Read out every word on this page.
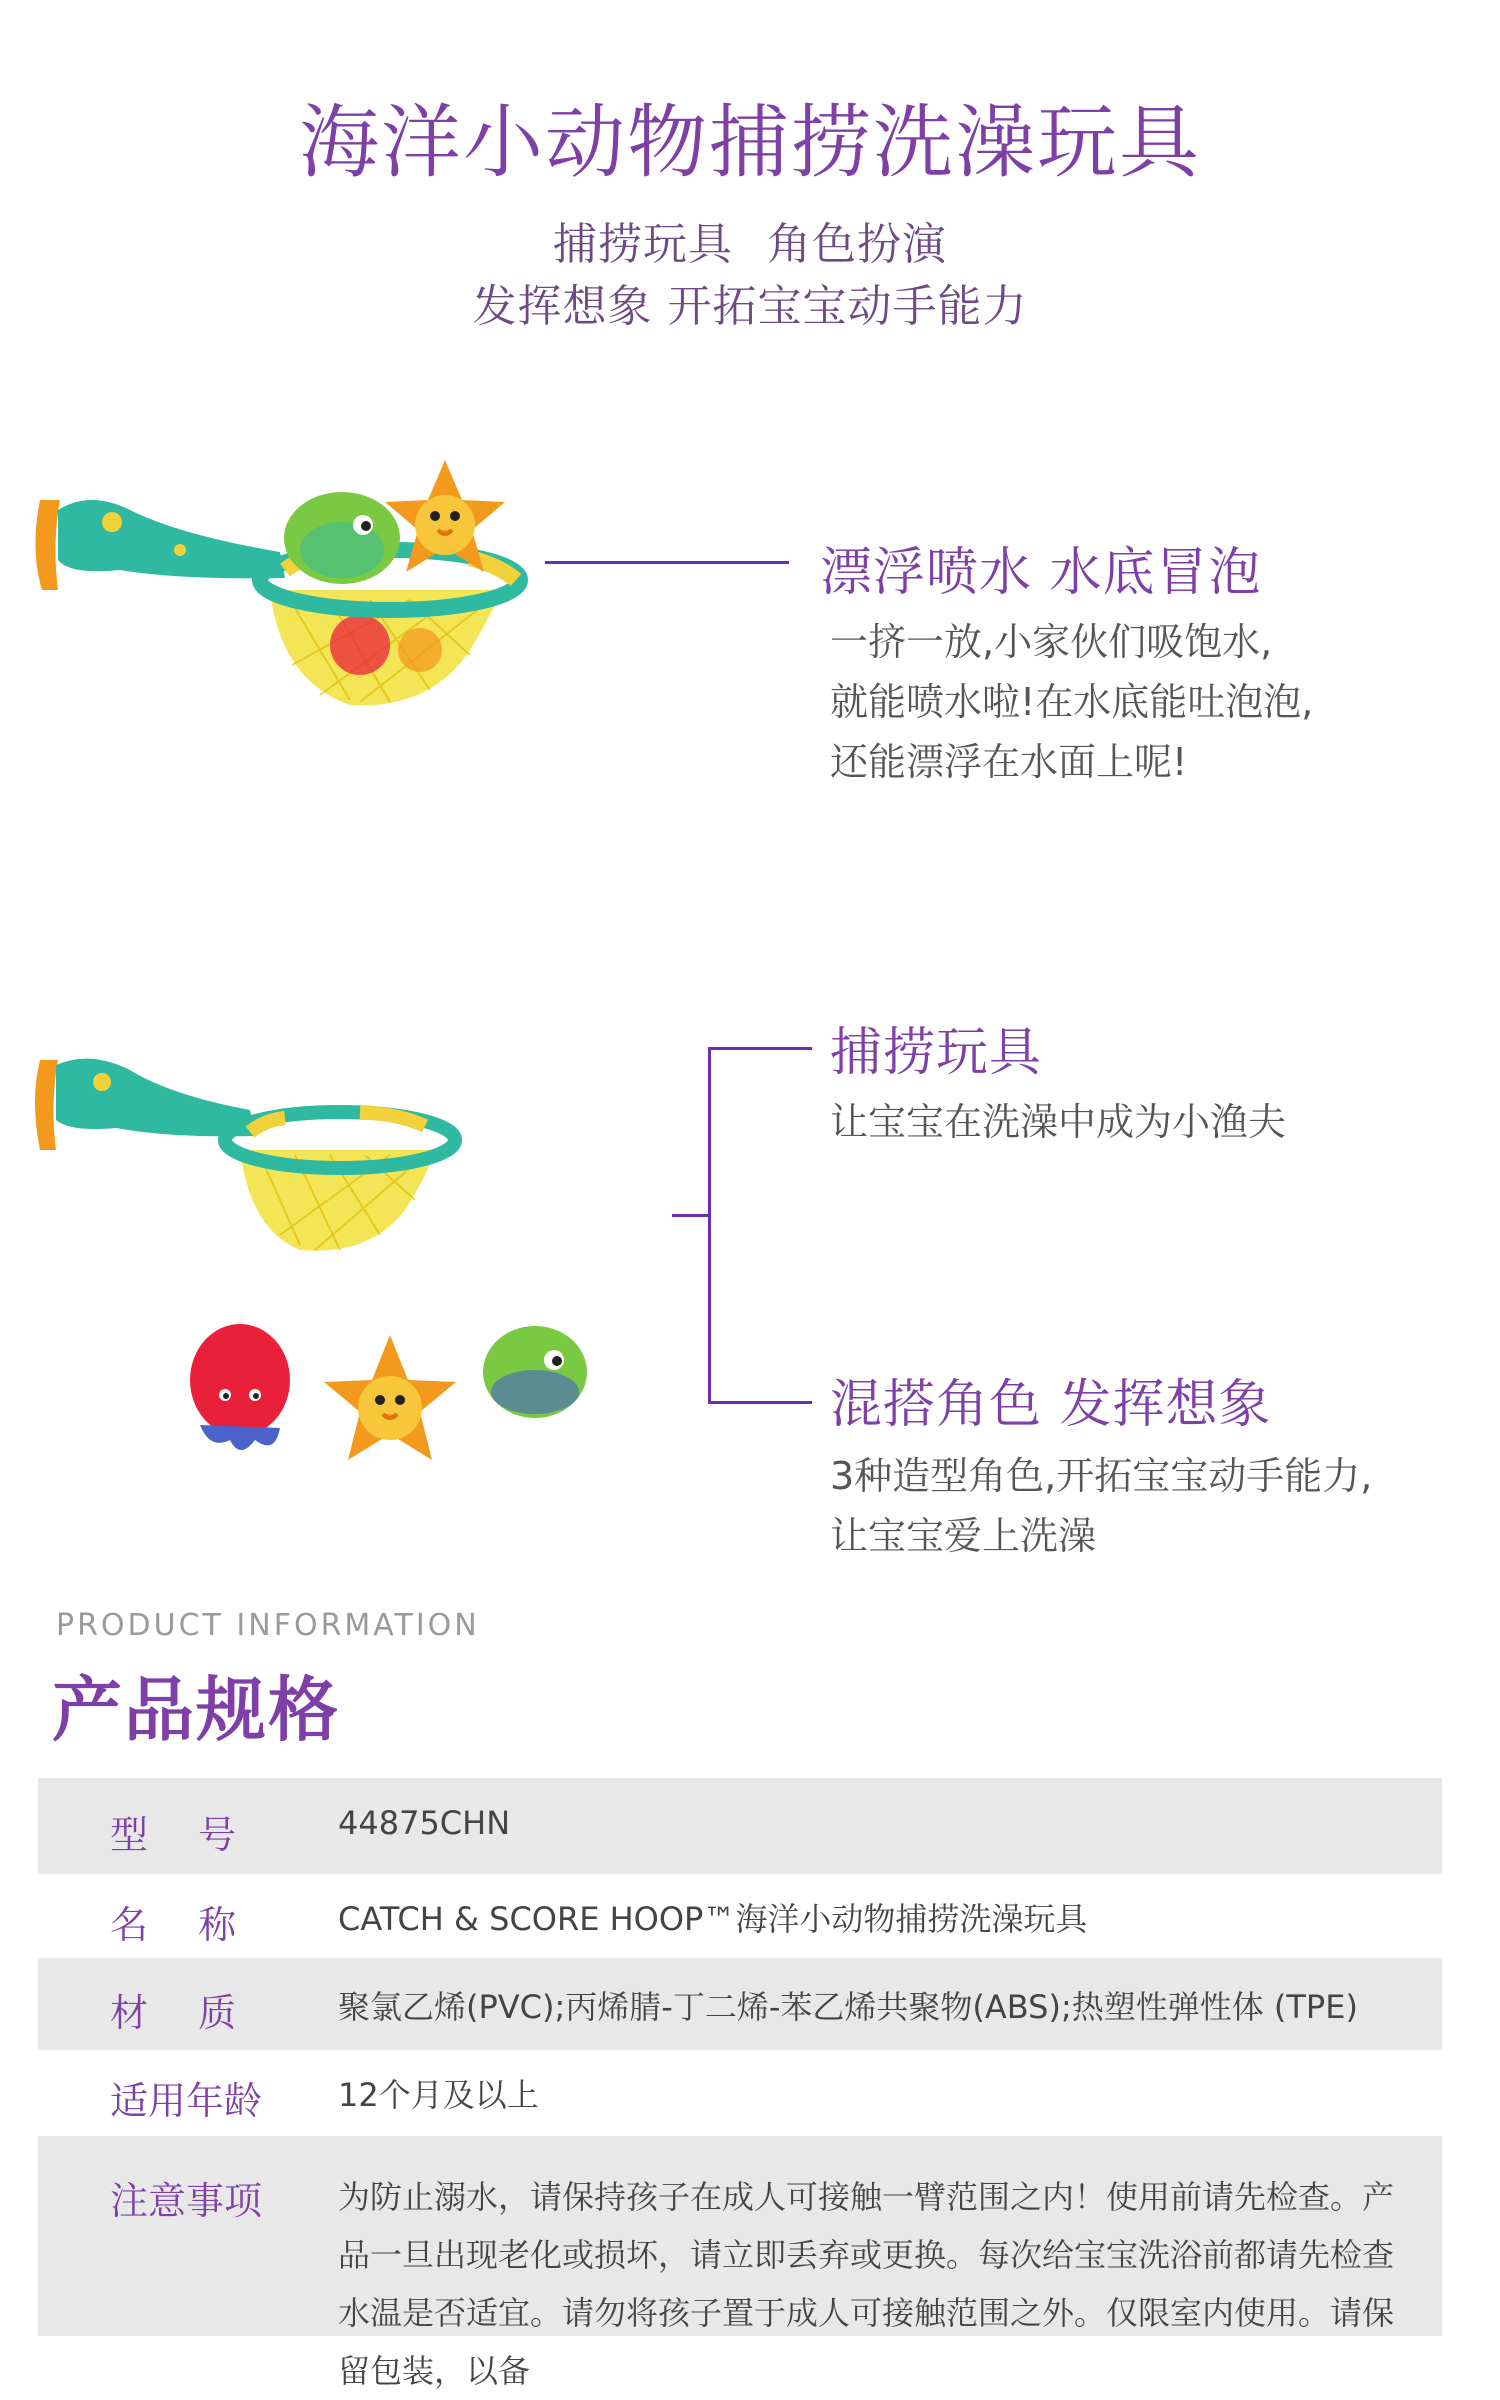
海洋小动物捕捞洗澡玩具
捕捞玩具 角色扮演
发挥想象 开拓宝宝动手能力
漂浮喷水 水底冒泡
一挤一放,小家伙们吸饱水,
就能喷水啦!在水底能吐泡泡,
还能漂浮在水面上呢!
捕捞玩具
让宝宝在洗澡中成为小渔夫
混搭角色 发挥想象
3种造型角色,开拓宝宝动手能力,
让宝宝爱上洗澡
PRODUCT INFORMATION
产品规格
型　 号	44875CHN
名　 称	CATCH & SCORE HOOP™海洋小动物捕捞洗澡玩具
材　 质	聚氯乙烯(PVC);丙烯腈-丁二烯-苯乙烯共聚物(ABS);热塑性弹性体 (TPE)
适用年龄	12个月及以上
注意事项	为防止溺水，请保持孩子在成人可接触一臂范围之内！使用前请先检查。产品一旦出现老化或损坏，请立即丢弃或更换。每次给宝宝洗浴前都请先检查水温是否适宜。请勿将孩子置于成人可接触范围之外。仅限室内使用。请保留包装，以备
